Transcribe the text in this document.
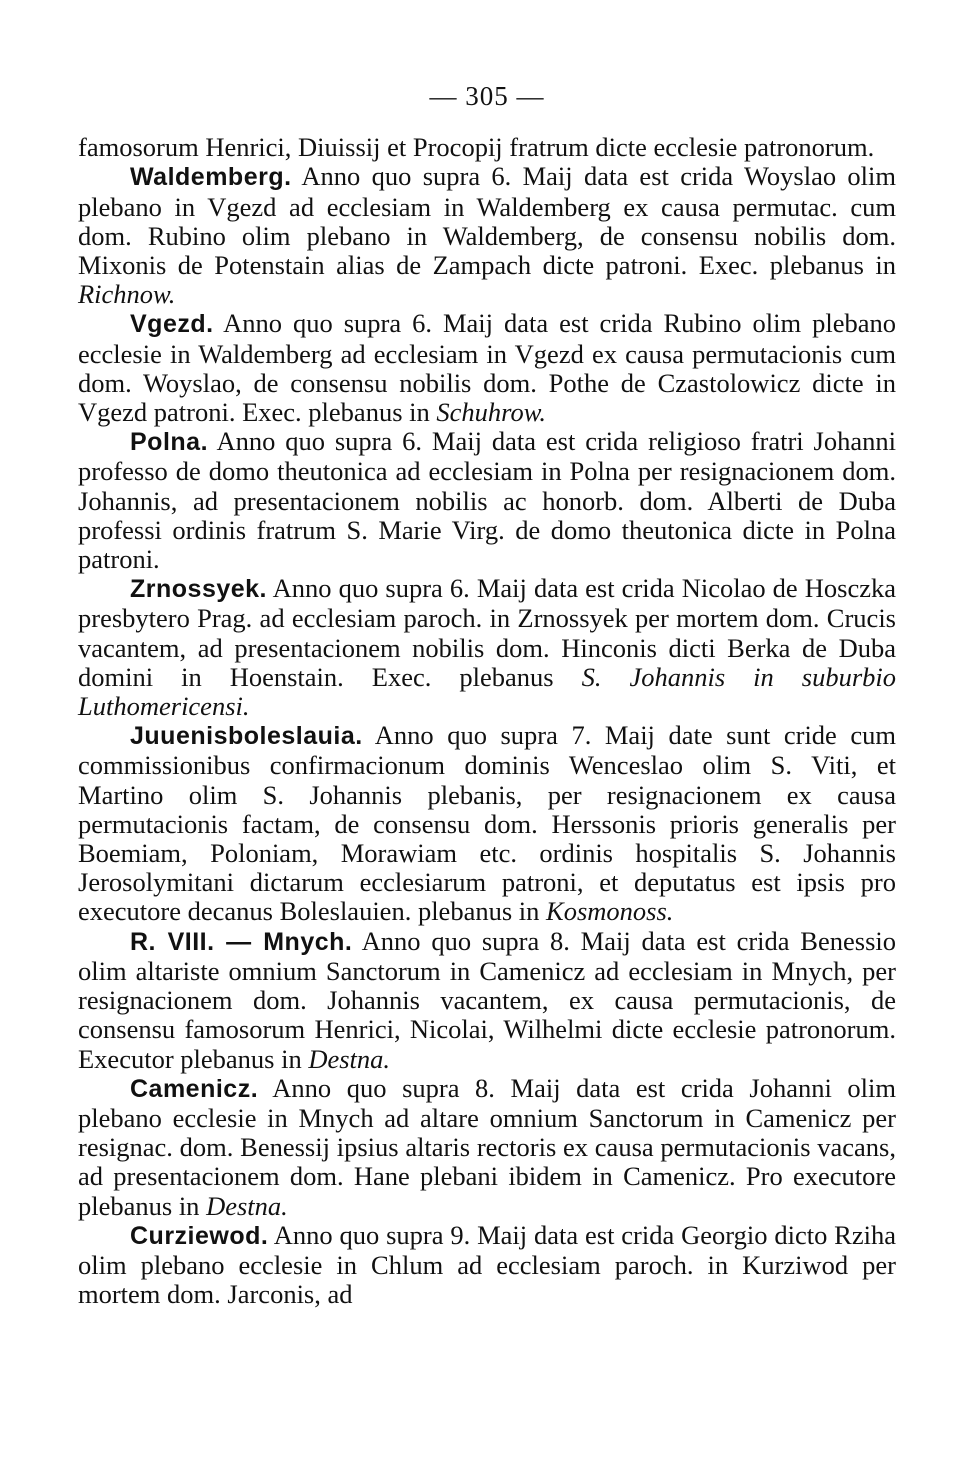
— 305 —

famosorum Henrici, Diuissij et Procopij fratrum dicte ecclesie patronorum.

Waldemberg. Anno quo supra 6. Maij data est crida Woyslao olim plebano in Vgezd ad ecclesiam in Waldemberg ex causa permutac. cum dom. Rubino olim plebano in Waldemberg, de consensu nobilis dom. Mixonis de Potenstain alias de Zampach dicte patroni. Exec. plebanus in Richnow.

Vgezd. Anno quo supra 6. Maij data est crida Rubino olim plebano ecclesie in Waldemberg ad ecclesiam in Vgezd ex causa permutacionis cum dom. Woyslao, de consensu nobilis dom. Pothe de Czastolowicz dicte in Vgezd patroni. Exec. plebanus in Schuhrow.

Polna. Anno quo supra 6. Maij data est crida religioso fratri Johanni professo de domo theutonica ad ecclesiam in Polna per resignacionem dom. Johannis, ad presentacionem nobilis ac honorb. dom. Alberti de Duba professi ordinis fratrum S. Marie Virg. de domo theutonica dicte in Polna patroni.

Zrnossyek. Anno quo supra 6. Maij data est crida Nicolao de Hosczka presbytero Prag. ad ecclesiam paroch. in Zrnossyek per mortem dom. Crucis vacantem, ad presentacionem nobilis dom. Hinconis dicti Berka de Duba domini in Hoenstain. Exec. plebanus S. Johannis in suburbio Luthomericensi.

Juuenisboleslauia. Anno quo supra 7. Maij date sunt cride cum commissionibus confirmacionum dominis Wenceslao olim S. Viti, et Martino olim S. Johannis plebanis, per resignacionem ex causa permutacionis factam, de consensu dom. Herssonis prioris generalis per Boemiam, Poloniam, Morawiam etc. ordinis hospitalis S. Johannis Jerosolymitani dictarum ecclesiarum patroni, et deputatus est ipsis pro executore decanus Boleslauien. plebanus in Kosmonoss.

R. VIII. — Mnych. Anno quo supra 8. Maij data est crida Benessio olim altariste omnium Sanctorum in Camenicz ad ecclesiam in Mnych, per resignacionem dom. Johannis vacantem, ex causa permutacionis, de consensu famosorum Henrici, Nicolai, Wilhelmi dicte ecclesie patronorum. Executor plebanus in Destna.

Camenicz. Anno quo supra 8. Maij data est crida Johanni olim plebano ecclesie in Mnych ad altare omnium Sanctorum in Camenicz per resignac. dom. Benessij ipsius altaris rectoris ex causa permutacionis vacans, ad presentacionem dom. Hane plebani ibidem in Camenicz. Pro executore plebanus in Destna.

Curziewod. Anno quo supra 9. Maij data est crida Georgio dicto Rziha olim plebano ecclesie in Chlum ad ecclesiam paroch. in Kurziwod per mortem dom. Jarconis, ad
